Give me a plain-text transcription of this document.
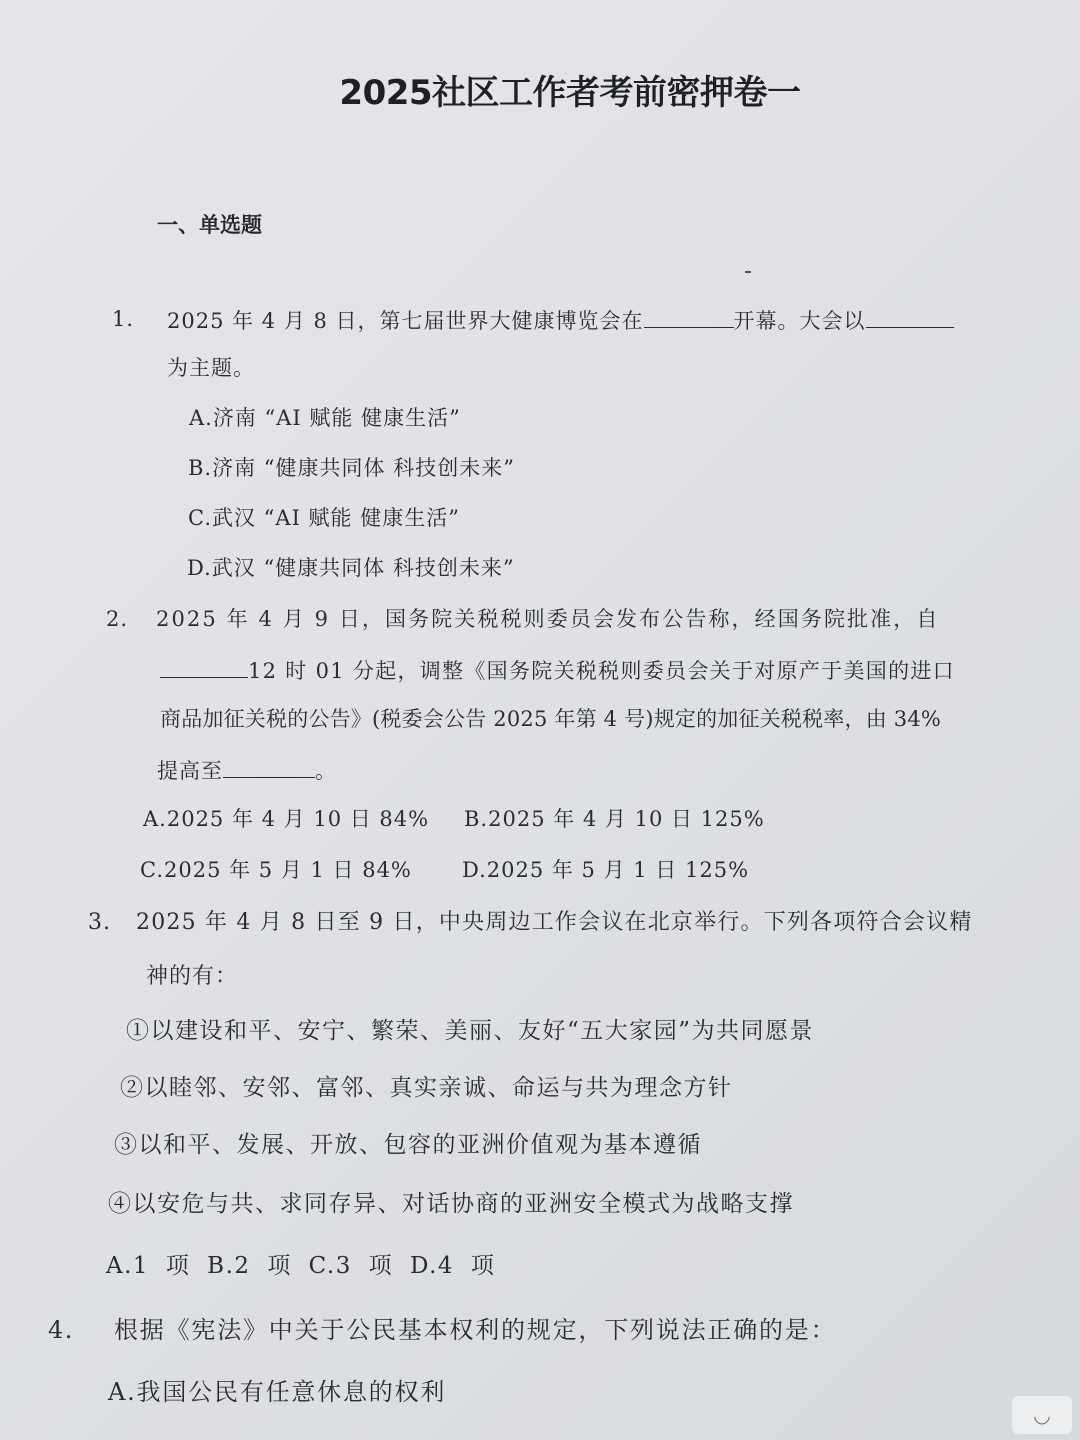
2025社区工作者考前密押卷一
一、单选题
1. 2025 年 4 月 8 日，第七届世界大健康博览会在	开幕。大会以
为主题。
A.济南 “AI 赋能 健康生活”
B.济南 “健康共同体 科技创未来”
C.武汉 “AI 赋能 健康生活”
D.武汉 “健康共同体 科技创未来”
2. 2025 年 4 月 9 日，国务院关税税则委员会发布公告称，经国务院批准，自
12 时 01 分起，调整《国务院关税税则委员会关于对原产于美国的进口
商品加征关税的公告》(税委会公告 2025 年第 4 号)规定的加征关税税率，由 34%
提高至	。
A.2025 年 4 月 10 日 84% B.2025 年 4 月 10 日 125%
C.2025 年 5 月 1 日 84% D.2025 年 5 月 1 日 125%
3. 2025 年 4 月 8 日至 9 日，中央周边工作会议在北京举行。下列各项符合会议精
神的有：
①以建设和平、安宁、繁荣、美丽、友好“五大家园”为共同愿景
②以睦邻、安邻、富邻、真实亲诚、命运与共为理念方针
③以和平、发展、开放、包容的亚洲价值观为基本遵循
④以安危与共、求同存异、对话协商的亚洲安全模式为战略支撑
A.1 项 B.2 项 C.3 项 D.4 项
4. 根据《宪法》中关于公民基本权利的规定，下列说法正确的是：
A.我国公民有任意休息的权利
◡
